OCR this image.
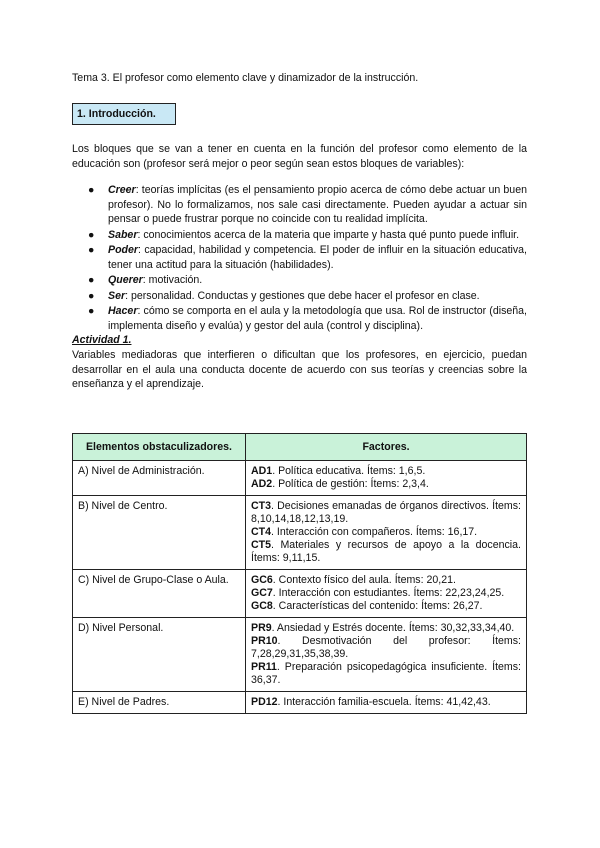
Tema 3. El profesor como elemento clave y dinamizador de la instrucción.
1. Introducción.
Los bloques que se van a tener en cuenta en la función del profesor como elemento de la educación son (profesor será mejor o peor según sean estos bloques de variables):
● Creer: teorías implícitas (es el pensamiento propio acerca de cómo debe actuar un buen profesor). No lo formalizamos, nos sale casi directamente. Pueden ayudar a actuar sin pensar o puede frustrar porque no coincide con tu realidad implícita.
● Saber: conocimientos acerca de la materia que imparte y hasta qué punto puede influir.
● Poder: capacidad, habilidad y competencia. El poder de influir en la situación educativa, tener una actitud para la situación (habilidades).
● Querer: motivación.
● Ser: personalidad. Conductas y gestiones que debe hacer el profesor en clase.
● Hacer: cómo se comporta en el aula y la metodología que usa. Rol de instructor (diseña, implementa diseño y evalúa) y gestor del aula (control y disciplina).
Actividad 1.
Variables mediadoras que interfieren o dificultan que los profesores, en ejercicio, puedan desarrollar en el aula una conducta docente de acuerdo con sus teorías y creencias sobre la enseñanza y el aprendizaje.
Elementos obstaculizadores.	Factores.
A) Nivel de Administración.	AD1. Política educativa. Ítems: 1,6,5.
AD2. Política de gestión: Ítems: 2,3,4.

B) Nivel de Centro.	CT3. Decisiones emanadas de órganos directivos. Ítems: 8,10,14,18,12,13,19.
CT4. Interacción con compañeros. Ítems: 16,17.
CT5. Materiales y recursos de apoyo a la docencia. Ítems: 9,11,15.

C) Nivel de Grupo-Clase o Aula.	GC6. Contexto físico del aula. Ítems: 20,21.
GC7. Interacción con estudiantes. Ítems: 22,23,24,25.
GC8. Características del contenido: Ítems: 26,27.

D) Nivel Personal.	PR9. Ansiedad y Estrés docente. Ítems: 30,32,33,34,40.
PR10. Desmotivación del profesor: Ítems: 7,28,29,31,35,38,39.
PR11. Preparación psicopedagógica insuficiente. Ítems: 36,37.

E) Nivel de Padres.	PD12. Interacción familia-escuela. Ítems: 41,42,43.
